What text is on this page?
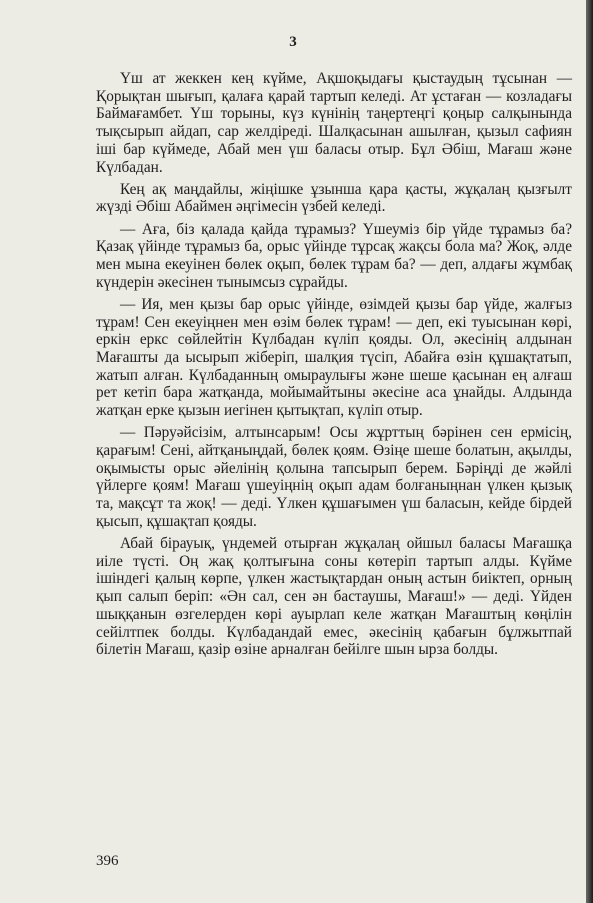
3

Үш ат жеккен кең күйме, Ақшоқыдағы қыстаудың тұсынан — Қорықтан шығып, қалаға қарай тартып келеді. Ат ұстаған — козладағы Баймағамбет. Үш торыны, күз күнінің таңертеңгі қоңыр салқынында тықсырып айдап, сар желдіреді. Шалқасынан ашылған, қызыл сафиян іші бар күймеде, Абай мен үш баласы отыр. Бұл Әбіш, Мағаш және Күлбадан.

Кең ақ маңдайлы, жіңішке ұзынша қара қасты, жұқалаң қызғылт жүзді Әбіш Абаймен әңгімесін үзбей келеді.

— Аға, біз қалада қайда тұрамыз? Үшеуміз бір үйде тұрамыз ба? Қазақ үйінде тұрамыз ба, орыс үйінде тұрсақ жақсы бола ма? Жоқ, әлде мен мына екеуінен бөлек оқып, бөлек тұрам ба? — деп, алдағы жұмбақ күндерін әкесінен тынымсыз сұрайды.

— Ия, мен қызы бар орыс үйінде, өзімдей қызы бар үйде, жалғыз тұрам! Сен екеуіңнен мен өзім бөлек тұрам! — деп, екі туысынан көрі, еркін еркс сөйлейтін Күлбадан күліп қояды. Ол, әкесінің алдынан Мағашты да ысырып жіберіп, шалқия түсіп, Абайға өзін құшақтатып, жатып алған. Күлбаданның омыраулығы және шеше қасынан ең алғаш рет кетіп бара жатқанда, мойымайтыны әкесіне аса ұнайды. Алдында жатқан ерке қызын иегінен қытықтап, күліп отыр.

— Пәруәйсізім, алтынсарым! Осы жұрттың бәрінен сен ермісің, қарағым! Сені, айтқаныңдай, бөлек қоям. Өзіңе шеше болатын, ақылды, оқымысты орыс әйелінің қолына тапсырып берем. Бәріңді де жәйлі үйлерге қоям! Мағаш үшеуіңнің оқып адам болғаныңнан үлкен қызық та, мақсұт та жоқ! — деді. Үлкен құшағымен үш баласын, кейде бірдей қысып, құшақтап қояды.

Абай бірауық, үндемей отырған жұқалаң ойшыл баласы Мағашқа иіле түсті. Оң жақ қолтығына соны көтеріп тартып алды. Күйме ішіндегі қалың көрпе, үлкен жастықтардан оның астын биіктеп, орның қып салып беріп: «Ән сал, сен ән бастаушы, Мағаш!» — деді. Үйден шыққанын өзгелерден көрі ауырлап келе жатқан Мағаштың көңілін сейілтпек болды. Күлбадандай емес, әкесінің қабағын бұлжытпай білетін Мағаш, қазір өзіне арналған бейілге шын ырза болды.

396
